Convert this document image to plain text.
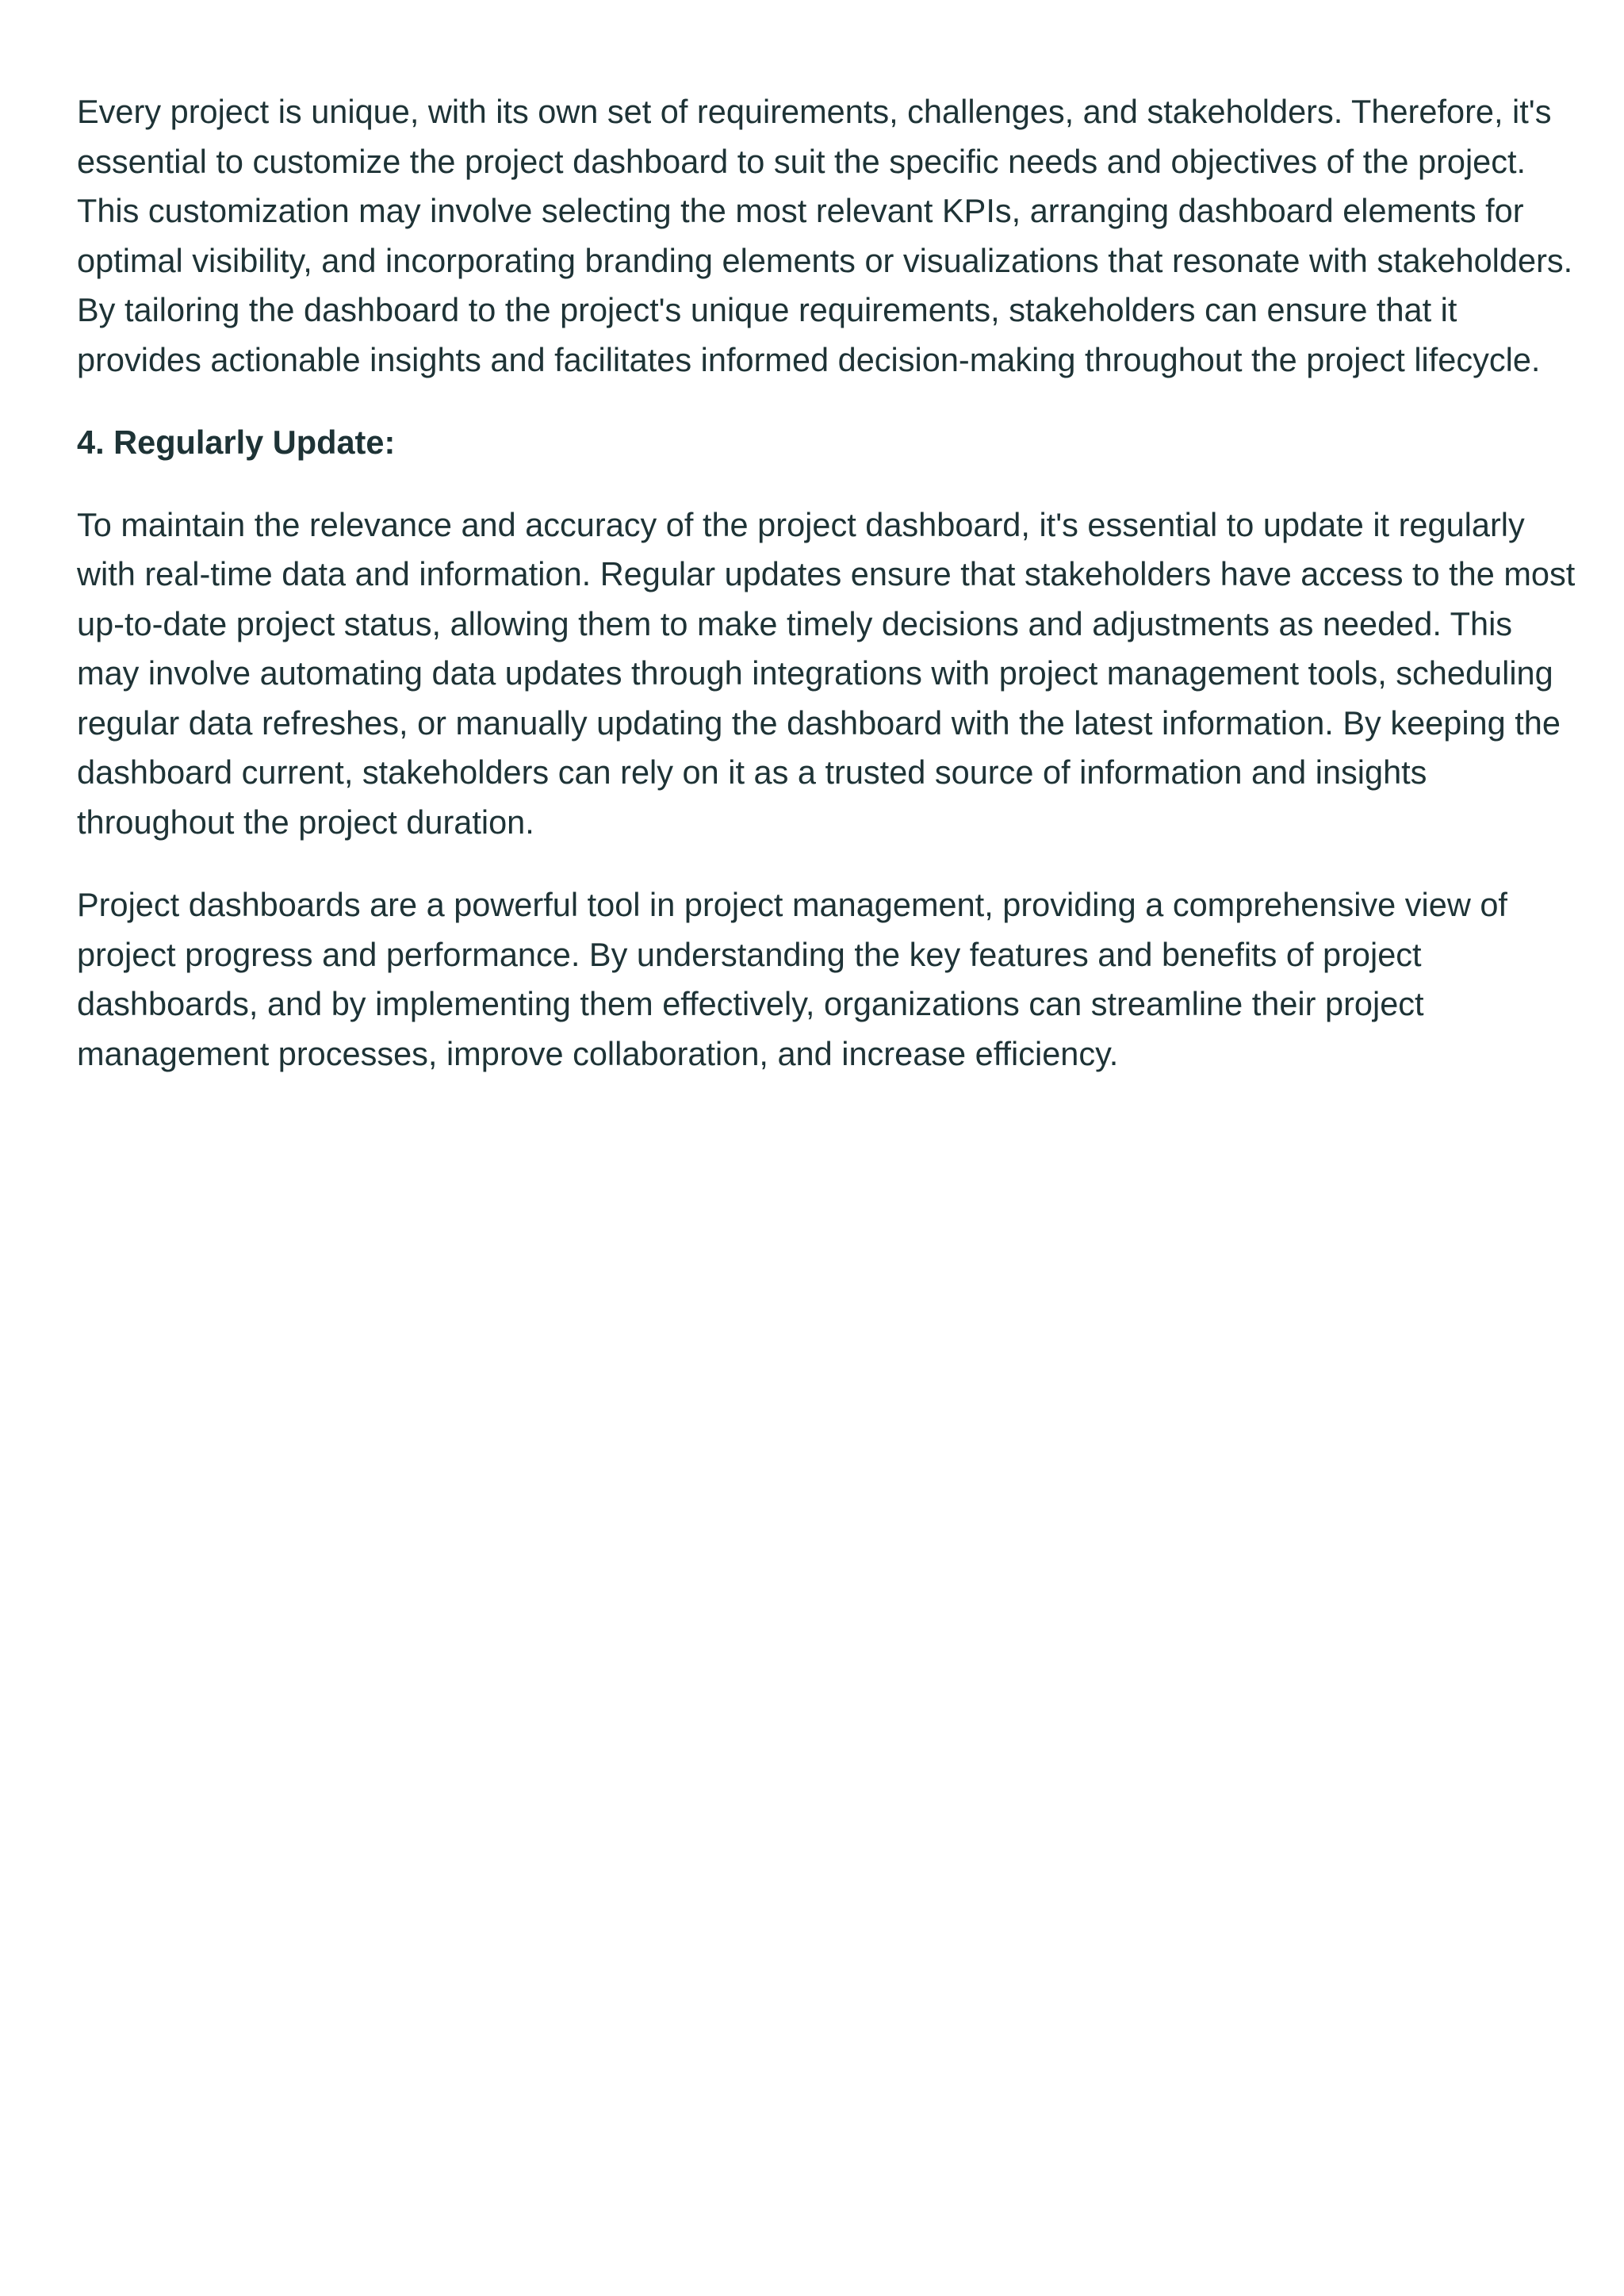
Every project is unique, with its own set of requirements, challenges, and stakeholders. Therefore, it's essential to customize the project dashboard to suit the specific needs and objectives of the project. This customization may involve selecting the most relevant KPIs, arranging dashboard elements for optimal visibility, and incorporating branding elements or visualizations that resonate with stakeholders. By tailoring the dashboard to the project's unique requirements, stakeholders can ensure that it provides actionable insights and facilitates informed decision-making throughout the project lifecycle.

4. Regularly Update:

To maintain the relevance and accuracy of the project dashboard, it's essential to update it regularly with real-time data and information. Regular updates ensure that stakeholders have access to the most up-to-date project status, allowing them to make timely decisions and adjustments as needed. This may involve automating data updates through integrations with project management tools, scheduling regular data refreshes, or manually updating the dashboard with the latest information. By keeping the dashboard current, stakeholders can rely on it as a trusted source of information and insights throughout the project duration.

Project dashboards are a powerful tool in project management, providing a comprehensive view of project progress and performance. By understanding the key features and benefits of project dashboards, and by implementing them effectively, organizations can streamline their project management processes, improve collaboration, and increase efficiency.
